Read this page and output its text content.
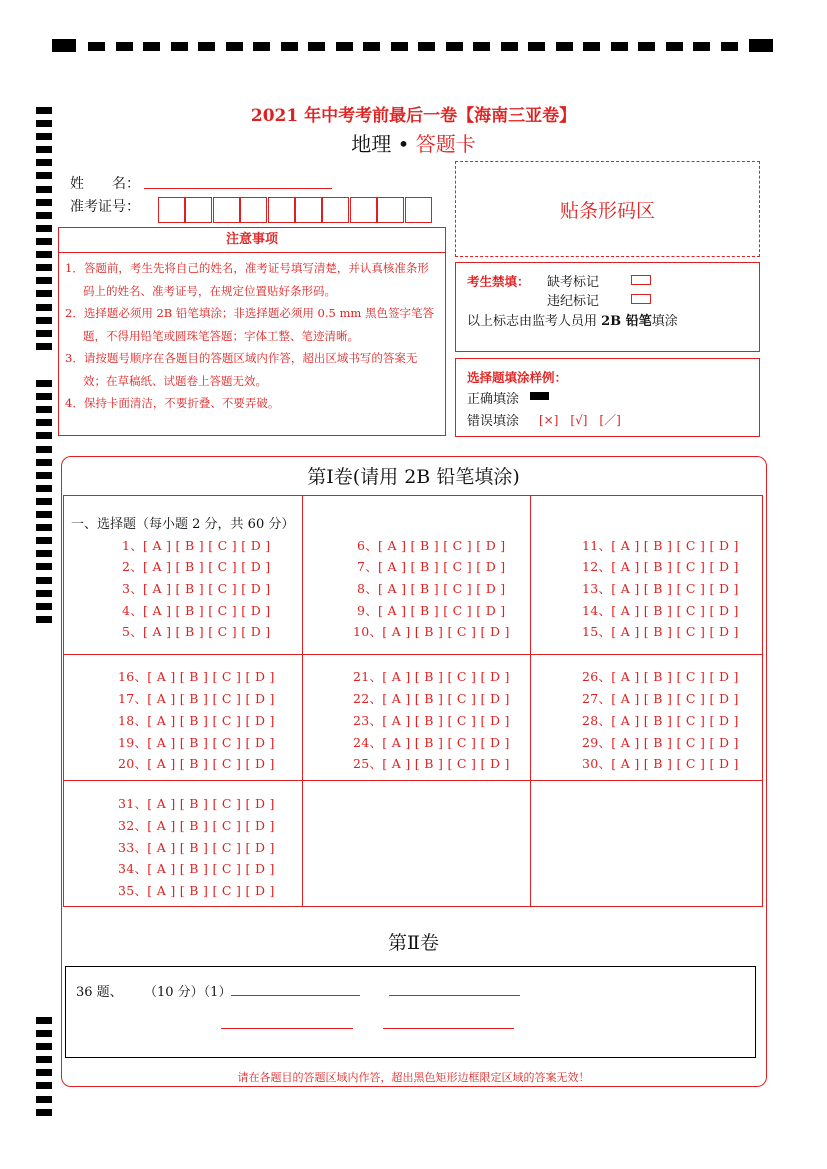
2021 年中考考前最后一卷【海南三亚卷】
地理 • 答题卡
姓　　名：
准考证号：	贴条形码区
注意事项
1．答题前，考生先将自己的姓名，准考证号填写清楚，并认真核准条形码上的姓名、准考证号，在规定位置贴好条形码。
2．选择题必须用 2B 铅笔填涂；非选择题必须用 0.5 mm 黑色签字笔答题，不得用铅笔或圆珠笔答题；字体工整、笔迹清晰。
3．请按题号顺序在各题目的答题区域内作答，超出区域书写的答案无效；在草稿纸、试题卷上答题无效。
4．保持卡面清洁，不要折叠、不要弄破。
考生禁填： 缺考标记
违纪标记
以上标志由监考人员用 2B 铅笔填涂
选择题填涂样例：
正确填涂
错误填涂 [×]　[√]　[／]
第Ⅰ卷(请用 2B 铅笔填涂)
一、选择题（每小题 2 分，共 60 分）
1、[ A ] [ B ] [ C ] [ D ]
2、[ A ] [ B ] [ C ] [ D ]
3、[ A ] [ B ] [ C ] [ D ]
4、[ A ] [ B ] [ C ] [ D ]
5、[ A ] [ B ] [ C ] [ D ]
6、[ A ] [ B ] [ C ] [ D ]
7、[ A ] [ B ] [ C ] [ D ]
8、[ A ] [ B ] [ C ] [ D ]
9、[ A ] [ B ] [ C ] [ D ]
10、[ A ] [ B ] [ C ] [ D ]
11、[ A ] [ B ] [ C ] [ D ]
12、[ A ] [ B ] [ C ] [ D ]
13、[ A ] [ B ] [ C ] [ D ]
14、[ A ] [ B ] [ C ] [ D ]
15、[ A ] [ B ] [ C ] [ D ]
16、[ A ] [ B ] [ C ] [ D ]
17、[ A ] [ B ] [ C ] [ D ]
18、[ A ] [ B ] [ C ] [ D ]
19、[ A ] [ B ] [ C ] [ D ]
20、[ A ] [ B ] [ C ] [ D ]
21、[ A ] [ B ] [ C ] [ D ]
22、[ A ] [ B ] [ C ] [ D ]
23、[ A ] [ B ] [ C ] [ D ]
24、[ A ] [ B ] [ C ] [ D ]
25、[ A ] [ B ] [ C ] [ D ]
26、[ A ] [ B ] [ C ] [ D ]
27、[ A ] [ B ] [ C ] [ D ]
28、[ A ] [ B ] [ C ] [ D ]
29、[ A ] [ B ] [ C ] [ D ]
30、[ A ] [ B ] [ C ] [ D ]
31、[ A ] [ B ] [ C ] [ D ]
32、[ A ] [ B ] [ C ] [ D ]
33、[ A ] [ B ] [ C ] [ D ]
34、[ A ] [ B ] [ C ] [ D ]
35、[ A ] [ B ] [ C ] [ D ]
第Ⅱ卷
36 题、 （10 分）（1）
请在各题目的答题区域内作答，超出黑色矩形边框限定区域的答案无效！
